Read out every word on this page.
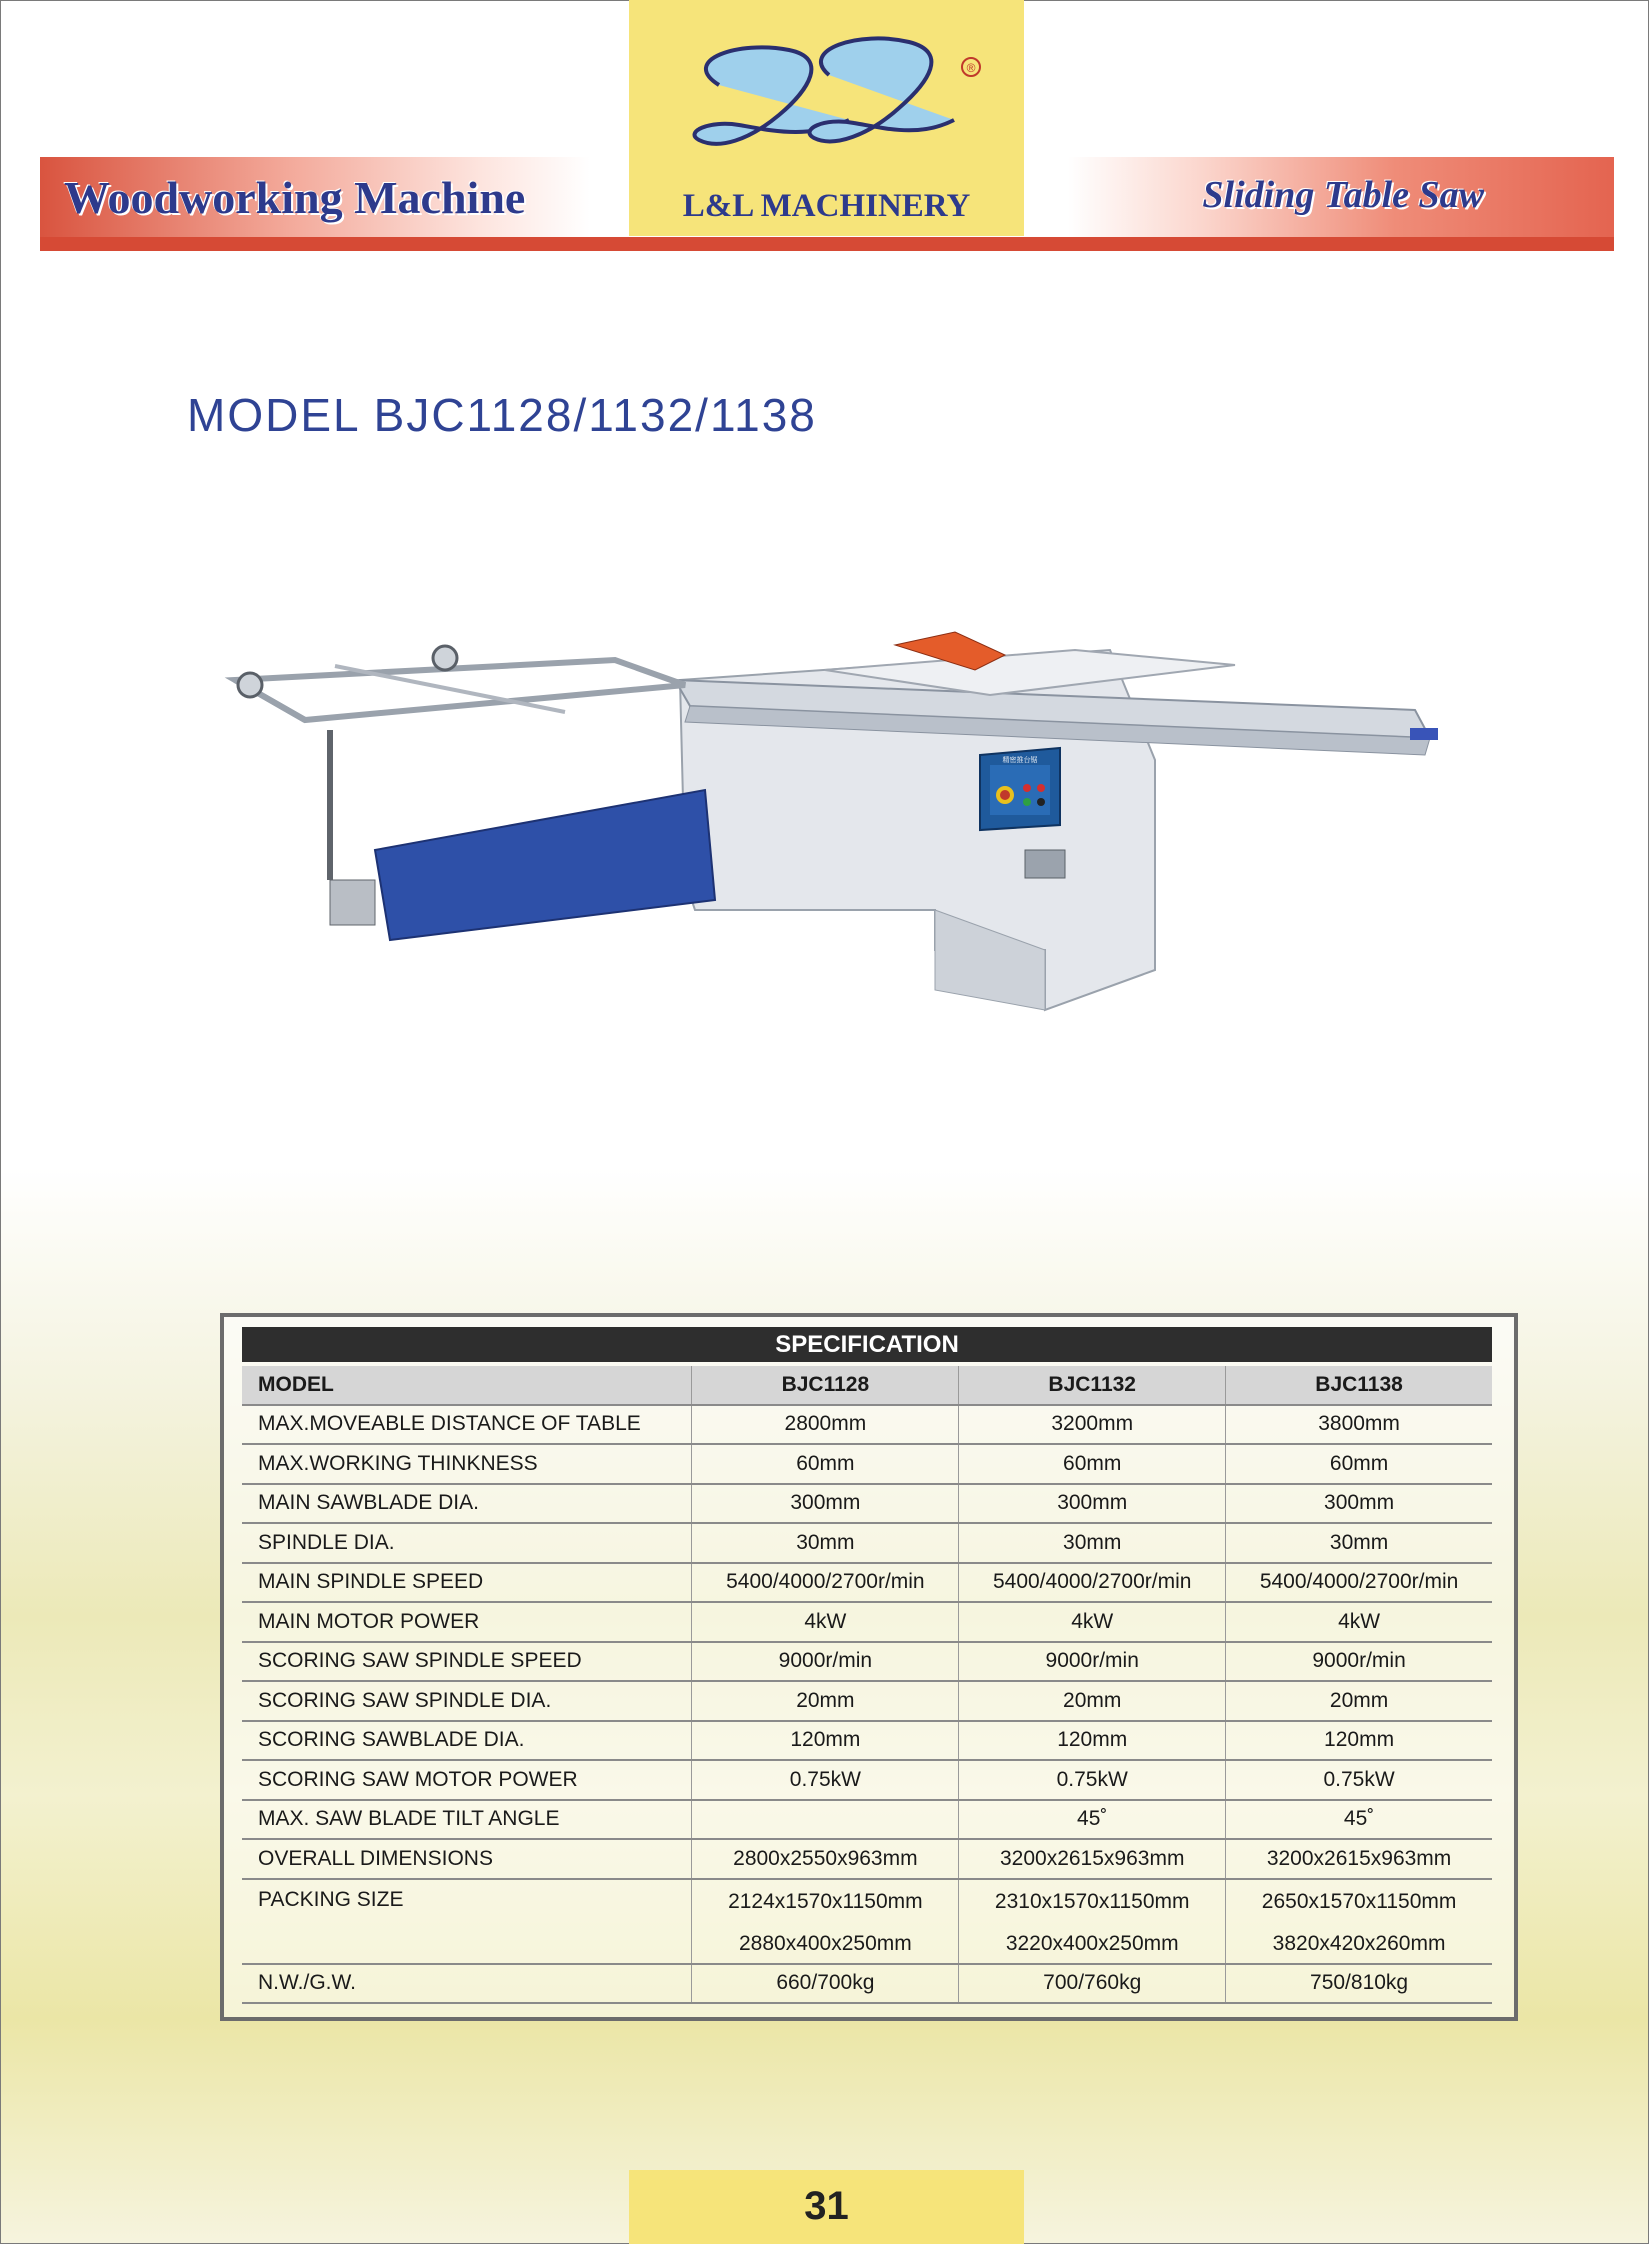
Woodworking Machine	Sliding Table Saw
®
L&L MACHINERY
MODEL BJC1128/1132/1138
精密推台锯
SPECIFICATION
MODEL	BJC1128	BJC1132	BJC1138
MAX.MOVEABLE DISTANCE OF TABLE	2800mm	3200mm	3800mm
MAX.WORKING THINKNESS	60mm	60mm	60mm
MAIN SAWBLADE DIA.	300mm	300mm	300mm
SPINDLE DIA.	30mm	30mm	30mm
MAIN SPINDLE SPEED	5400/4000/2700r/min	5400/4000/2700r/min	5400/4000/2700r/min
MAIN MOTOR POWER	4kW	4kW	4kW
SCORING SAW SPINDLE SPEED	9000r/min	9000r/min	9000r/min
SCORING SAW SPINDLE DIA.	20mm	20mm	20mm
SCORING SAWBLADE DIA.	120mm	120mm	120mm
SCORING SAW MOTOR POWER	0.75kW	0.75kW	0.75kW
MAX. SAW BLADE TILT ANGLE		45˚	45˚
OVERALL DIMENSIONS	2800x2550x963mm	3200x2615x963mm	3200x2615x963mm
PACKING SIZE	2124x1570x1150mm	2310x1570x1150mm	2650x1570x1150mm
	2880x400x250mm	3220x400x250mm	3820x420x260mm
N.W./G.W.	660/700kg	700/760kg	750/810kg
31
